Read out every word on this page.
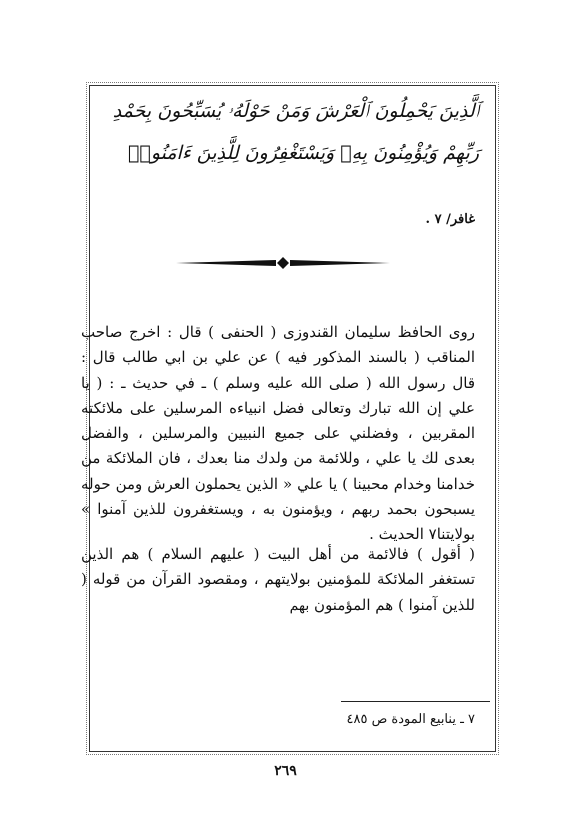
ٱلَّذِينَ يَحْمِلُونَ ٱلْعَرْشَ وَمَنْ حَوْلَهُۥ يُسَبِّحُونَ بِحَمْدِ
رَبِّهِمْ وَيُؤْمِنُونَ بِهِۦ وَيَسْتَغْفِرُونَ لِلَّذِينَ ءَامَنُوا۟
غافر/ ٧ .
روى الحافظ سليمان القندوزى ( الحنفى ) قال : اخرج صاحب المناقب ( بالسند المذكور فيه ) عن علي بن ابي طالب قال : قال رسول الله ( صلى الله عليه وسلم ) ـ في حديث ـ : ( يا علي إن الله تبارك وتعالى فضل انبياءه المرسلين على ملائكته المقربين ، وفضلني على جميع النبيين والمرسلين ، والفضل بعدى لك يا علي ، وللائمة من ولدك منا بعدك ، فان الملائكة من خدامنا وخدام محبينا ) يا علي « الذين يحملون العرش ومن حوله يسبحون بحمد ربهم ، ويؤمنون به ، ويستغفرون للذين آمنوا » بولايتنا٧ الحديث .
( أقول ) فالائمة من أهل البيت ( عليهم السلام ) هم الذين تستغفر الملائكة للمؤمنين بولايتهم ، ومقصود القرآن من قوله ( للذين آمنوا ) هم المؤمنون بهم
٧ ـ ينابيع المودة ص ٤٨٥
٢٦٩
